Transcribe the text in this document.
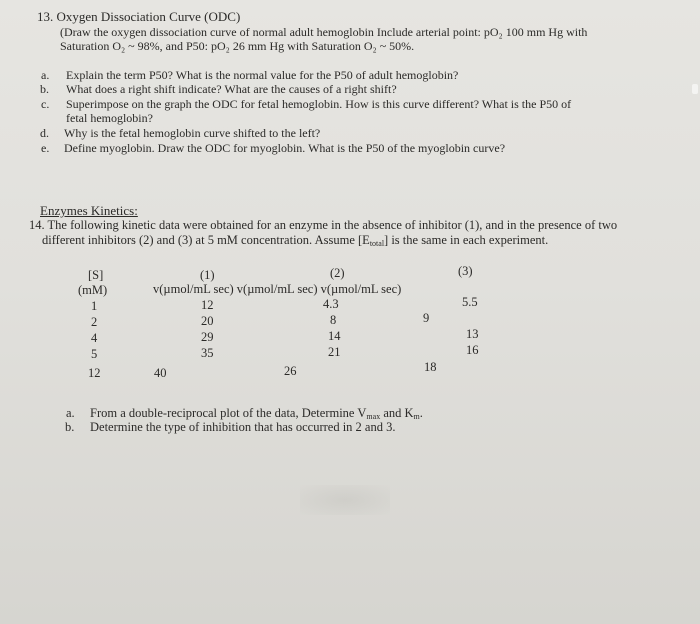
13. Oxygen Dissociation Curve (ODC)
(Draw the oxygen dissociation curve of normal adult hemoglobin Include arterial point: pO₂ 100 mm Hg with
Saturation O₂ ~ 98%, and P50: pO₂ 26 mm Hg with Saturation O₂ ~ 50%.
a. Explain the term P50? What is the normal value for the P50 of adult hemoglobin?
b. What does a right shift indicate? What are the causes of a right shift?
c. Superimpose on the graph the ODC for fetal hemoglobin. How is this curve different? What is the P50 of
fetal hemoglobin?
d. Why is the fetal hemoglobin curve shifted to the left?
e. Define myoglobin. Draw the ODC for myoglobin. What is the P50 of the myoglobin curve?
Enzymes Kinetics:
14. The following kinetic data were obtained for an enzyme in the absence of inhibitor (1), and in the presence of two
different inhibitors (2) and (3) at 5 mM concentration. Assume $[E_{total}]$ is the same in each experiment.
[S]	(1)	(2)	(3)
(mM)	v(µmol/mL sec) v(µmol/mL sec) v(µmol/mL sec)
1	12	4.3	5.5
2	20	8	9
4	29	14	13
5	35	21	16
12	40	26	18
a. From a double-reciprocal plot of the data, Determine $V_{max}$ and $K_m$.
b. Determine the type of inhibition that has occurred in 2 and 3.
